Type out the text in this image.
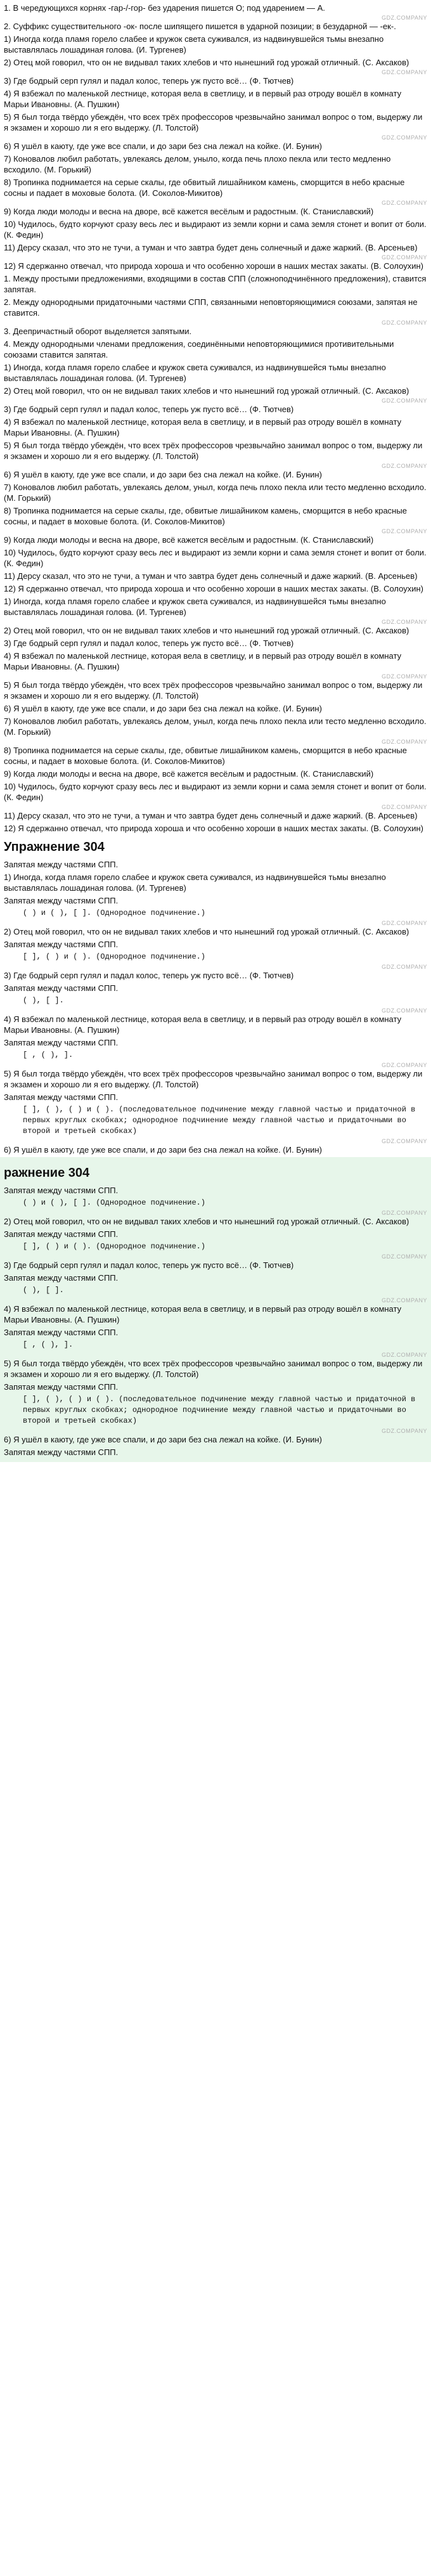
1. В чередующихся корнях -гар-/-гор- без ударения пишется О; под ударением — А.

GDZ.COMPANY

2. Суффикс существительного -ок- после шипящего пишется в ударной позиции; в безударной — -ек-.

1) Иногда когда пламя горело слабее и кружок света суживался, из надвинувшейся тьмы внезапно выставлялась лошадиная голова. (И. Тургенев)

2) Отец мой говорил, что он не видывал таких хлебов и что нынешний год урожай отличный. (С. Аксаков)

GDZ.COMPANY

3) Где бодрый серп гулял и падал колос, теперь уж пусто всё… (Ф. Тютчев)

4) Я взбежал по маленькой лестнице, которая вела в светлицу, и в первый раз отроду вошёл в комнату Марьи Ивановны. (А. Пушкин)

5) Я был тогда твёрдо убеждён, что всех трёх профессоров чрезвычайно занимал вопрос о том, выдержу ли я экзамен и хорошо ли я его выдержу. (Л. Толстой)

GDZ.COMPANY

6) Я ушёл в каюту, где уже все спали, и до зари без сна лежал на койке. (И. Бунин)

7) Коновалов любил работать, увлекаясь делом, уныло, когда печь плохо пекла или тесто медленно всходило. (М. Горький)

8) Тропинка поднимается на серые скалы, где обвитый лишайником камень, сморщится в небо красные сосны и падает в моховые болота. (И. Соколов-Микитов)

GDZ.COMPANY

9) Когда люди молоды и весна на дворе, всё кажется весёлым и радостным. (К. Станиславский)

10) Чудилось, будто корчуют сразу весь лес и выдирают из земли корни и сама земля стонет и вопит от боли. (К. Федин)

11) Дерсу сказал, что это не тучи, а туман и что завтра будет день солнечный и даже жаркий. (В. Арсеньев)

GDZ.COMPANY

12) Я сдержанно отвечал, что природа хороша и что особенно хороши в наших местах закаты. (В. Солоухин)

1. Между простыми предложениями, входящими в состав СПП (сложноподчинённого предложения), ставится запятая.

2. Между однородными придаточными частями СПП, связанными неповторяющимися союзами, запятая не ставится.

GDZ.COMPANY

3. Деепричастный оборот выделяется запятыми.

4. Между однородными членами предложения, соединёнными неповторяющимися противительными союзами ставится запятая.

1) Иногда, когда пламя горело слабее и кружок света суживался, из надвинувшейся тьмы внезапно выставлялась лошадиная голова. (И. Тургенев)

2) Отец мой говорил, что он не видывал таких хлебов и что нынешний год урожай отличный. (С. Аксаков)

GDZ.COMPANY

3) Где бодрый серп гулял и падал колос, теперь уж пусто всё… (Ф. Тютчев)

4) Я взбежал по маленькой лестнице, которая вела в светлицу, и в первый раз отроду вошёл в комнату Марьи Ивановны. (А. Пушкин)

5) Я был тогда твёрдо убеждён, что всех трёх профессоров чрезвычайно занимал вопрос о том, выдержу ли я экзамен и хорошо ли я его выдержу. (Л. Толстой)

GDZ.COMPANY

6) Я ушёл в каюту, где уже все спали, и до зари без сна лежал на койке. (И. Бунин)

7) Коновалов любил работать, увлекаясь делом, уныл, когда печь плохо пекла или тесто медленно всходило. (М. Горький)

8) Тропинка поднимается на серые скалы, где, обвитые лишайником камень, сморщится в небо красные сосны, и падает в моховые болота. (И. Соколов-Микитов)

GDZ.COMPANY

9) Когда люди молоды и весна на дворе, всё кажется весёлым и радостным. (К. Станиславский)

10) Чудилось, будто корчуют сразу весь лес и выдирают из земли корни и сама земля стонет и вопит от боли. (К. Федин)

11) Дерсу сказал, что это не тучи, а туман и что завтра будет день солнечный и даже жаркий. (В. Арсеньев)

12) Я сдержанно отвечал, что природа хороша и что особенно хороши в наших местах закаты. (В. Солоухин)

1) Иногда, когда пламя горело слабее и кружок света суживался, из надвинувшейся тьмы внезапно выставлялась лошадиная голова. (И. Тургенев)

GDZ.COMPANY

2) Отец мой говорил, что он не видывал таких хлебов и что нынешний год урожай отличный. (С. Аксаков)

3) Где бодрый серп гулял и падал колос, теперь уж пусто всё… (Ф. Тютчев)

4) Я взбежал по маленькой лестнице, которая вела в светлицу, и в первый раз отроду вошёл в комнату Марьи Ивановны. (А. Пушкин)

GDZ.COMPANY

5) Я был тогда твёрдо убеждён, что всех трёх профессоров чрезвычайно занимал вопрос о том, выдержу ли я экзамен и хорошо ли я его выдержу. (Л. Толстой)

6) Я ушёл в каюту, где уже все спали, и до зари без сна лежал на койке. (И. Бунин)

7) Коновалов любил работать, увлекаясь делом, уныл, когда печь плохо пекла или тесто медленно всходило. (М. Горький)

GDZ.COMPANY

8) Тропинка поднимается на серые скалы, где, обвитые лишайником камень, сморщится в небо красные сосны, и падает в моховые болота. (И. Соколов-Микитов)

9) Когда люди молоды и весна на дворе, всё кажется весёлым и радостным. (К. Станиславский)

10) Чудилось, будто корчуют сразу весь лес и выдирают из земли корни и сама земля стонет и вопит от боли. (К. Федин)

GDZ.COMPANY

11) Дерсу сказал, что это не тучи, а туман и что завтра будет день солнечный и даже жаркий. (В. Арсеньев)

12) Я сдержанно отвечал, что природа хороша и что особенно хороши в наших местах закаты. (В. Солоухин)

Упражнение 304

Запятая между частями СПП.

1) Иногда, когда пламя горело слабее и кружок света суживался, из надвинувшейся тьмы внезапно выставлялась лошадиная голова. (И. Тургенев)

Запятая между частями СПП.

( ) и ( ), [ ]. (Однородное подчинение.)

GDZ.COMPANY

2) Отец мой говорил, что он не видывал таких хлебов и что нынешний год урожай отличный. (С. Аксаков)

Запятая между частями СПП.

[ ], ( ) и ( ). (Однородное подчинение.)

GDZ.COMPANY

3) Где бодрый серп гулял и падал колос, теперь уж пусто всё… (Ф. Тютчев)

Запятая между частями СПП.

( ), [ ].

GDZ.COMPANY

4) Я взбежал по маленькой лестнице, которая вела в светлицу, и в первый раз отроду вошёл в комнату Марьи Ивановны. (А. Пушкин)

Запятая между частями СПП.

[ , ( ), ].

GDZ.COMPANY

5) Я был тогда твёрдо убеждён, что всех трёх профессоров чрезвычайно занимал вопрос о том, выдержу ли я экзамен и хорошо ли я его выдержу. (Л. Толстой)

Запятая между частями СПП.

[ ], ( ), ( ) и ( ). (последовательное подчинение между главной частью и придаточной в первых круглых скобках; однородное подчинение между главной частью и придаточными во второй и третьей скобках)

GDZ.COMPANY

6) Я ушёл в каюту, где уже все спали, и до зари без сна лежал на койке. (И. Бунин)

ражнение 304

Запятая между частями СПП.

( ) и ( ), [ ]. (Однородное подчинение.)

GDZ.COMPANY

2) Отец мой говорил, что он не видывал таких хлебов и что нынешний год урожай отличный. (С. Аксаков)

Запятая между частями СПП.

[ ], ( ) и ( ). (Однородное подчинение.)

GDZ.COMPANY

3) Где бодрый серп гулял и падал колос, теперь уж пусто всё… (Ф. Тютчев)

Запятая между частями СПП.

( ), [ ].

GDZ.COMPANY

4) Я взбежал по маленькой лестнице, которая вела в светлицу, и в первый раз отроду вошёл в комнату Марьи Ивановны. (А. Пушкин)

Запятая между частями СПП.

[ , ( ), ].

GDZ.COMPANY

5) Я был тогда твёрдо убеждён, что всех трёх профессоров чрезвычайно занимал вопрос о том, выдержу ли я экзамен и хорошо ли я его выдержу. (Л. Толстой)

Запятая между частями СПП.

[ ], ( ), ( ) и ( ). (последовательное подчинение между главной частью и придаточной в первых круглых скобках; однородное подчинение между главной частью и придаточными во второй и третьей скобках)

GDZ.COMPANY

6) Я ушёл в каюту, где уже все спали, и до зари без сна лежал на койке. (И. Бунин)

Запятая между частями СПП.
